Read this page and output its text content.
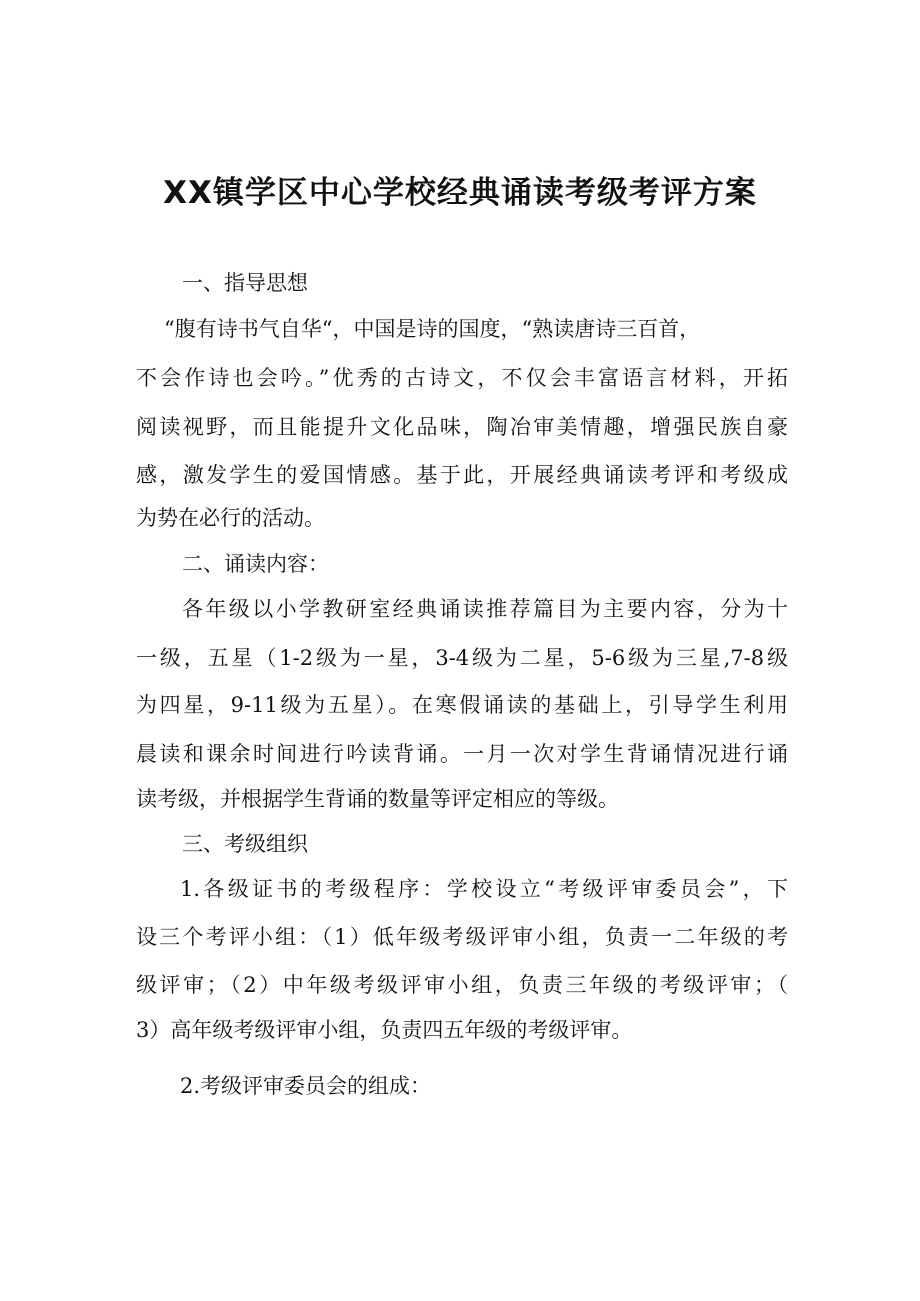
XX镇学区中心学校经典诵读考级考评方案

一、指导思想

“腹有诗书气自华“，中国是诗的国度，“熟读唐诗三百首，

不会作诗也会吟。”优秀的古诗文，不仅会丰富语言材料，开拓

阅读视野，而且能提升文化品味，陶冶审美情趣，增强民族自豪

感，激发学生的爱国情感。基于此，开展经典诵读考评和考级成

为势在必行的活动。

二、诵读内容：

各年级以小学教研室经典诵读推荐篇目为主要内容，分为十

一级，五星（1-2级为一星，3-4级为二星，5-6级为三星,7-8级

为四星，9-11级为五星）。在寒假诵读的基础上，引导学生利用

晨读和课余时间进行吟读背诵。一月一次对学生背诵情况进行诵

读考级，并根据学生背诵的数量等评定相应的等级。

三、考级组织

1.各级证书的考级程序：学校设立“考级评审委员会”，下

设三个考评小组：（1）低年级考级评审小组，负责一二年级的考

级评审；（2）中年级考级评审小组，负责三年级的考级评审；（

3）高年级考级评审小组，负责四五年级的考级评审。

2.考级评审委员会的组成：
